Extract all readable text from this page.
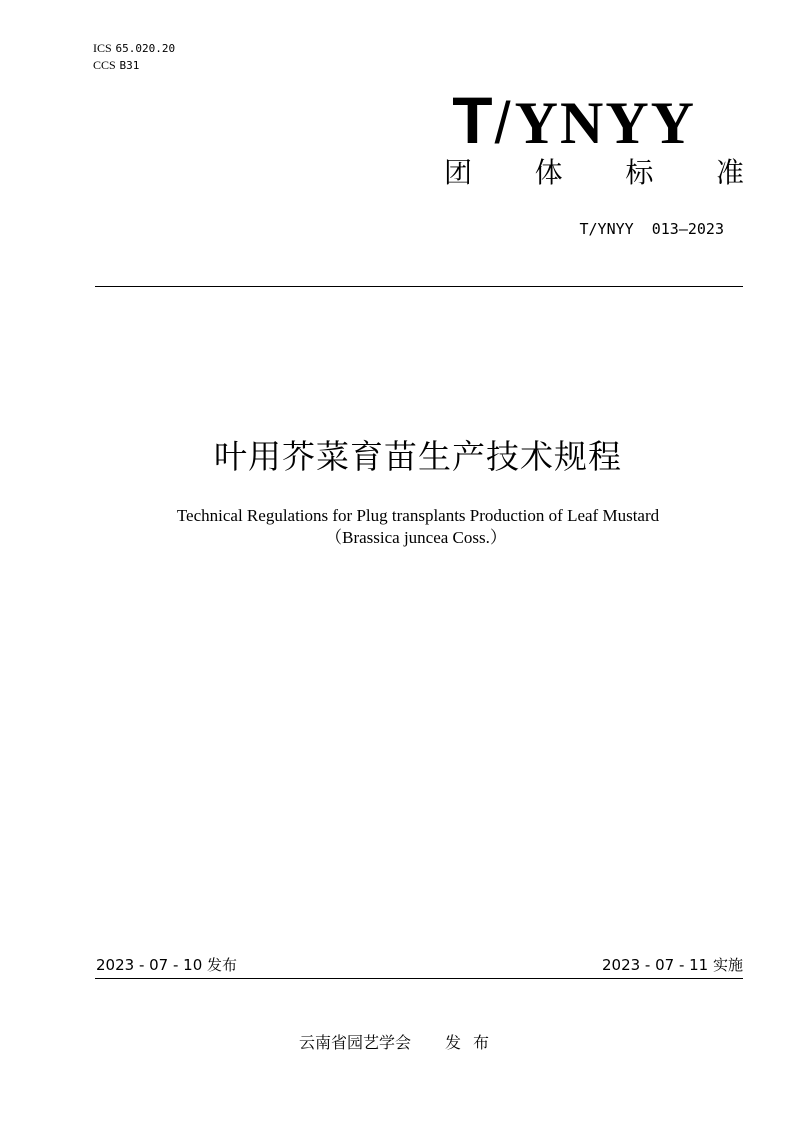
ICS 65.020.20
CCS B31
T/YNYY
团 体 标 准
T/YNYY  013—2023
叶用芥菜育苗生产技术规程
Technical Regulations for Plug transplants Production of Leaf Mustard
（Brassica juncea Coss.）
2023 - 07 - 10 发布	2023 - 07 - 11 实施
云南省园艺学会 发布
